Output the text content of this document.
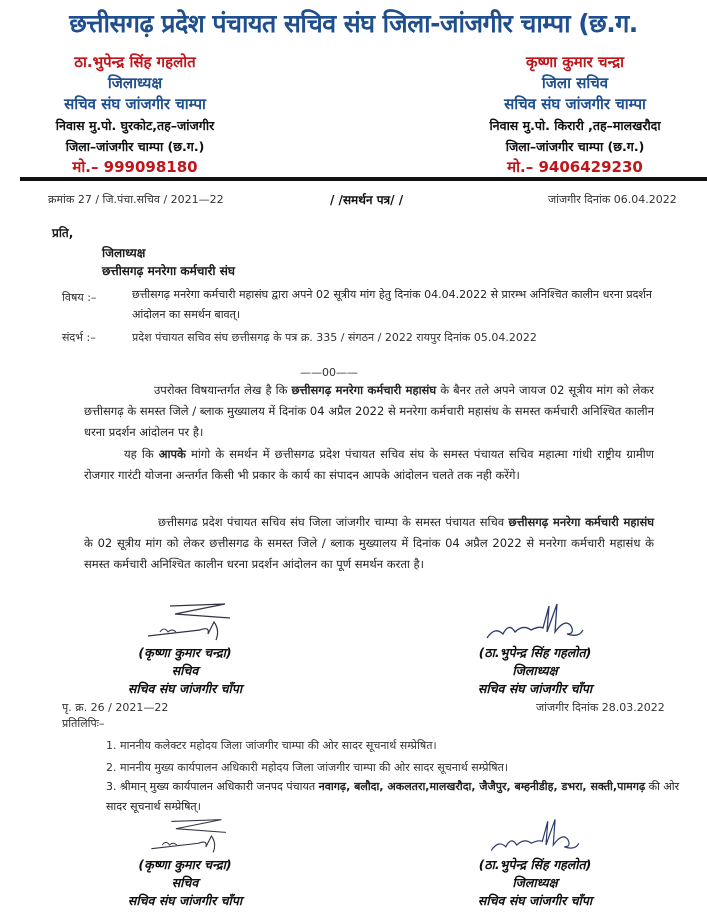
छत्तीसगढ़ प्रदेश पंचायत सचिव संघ जिला-जांजगीर चाम्पा (छ.ग.
ठा.भुपेन्द्र सिंह गहलोत
जिलाध्यक्ष
सचिव संघ जांजगीर चाम्पा
निवास मु.पो. घुरकोट,तह–जांजगीर
जिला–जांजगीर चाम्पा (छ.ग.)
मो.– 999098180
कृष्णा कुमार चन्द्रा
जिला सचिव
सचिव संघ जांजगीर चाम्पा
निवास मु.पो. किरारी ,तह–मालखरौदा
जिला–जांजगीर चाम्पा (छ.ग.)
मो.– 9406429230
क्रमांक 27 / जि.पंचा.सचिव / 2021—22	/ /समर्थन पत्र/ /	जांजगीर दिनांक 06.04.2022
प्रति,
जिलाध्यक्ष
छत्तीसगढ़ मनरेगा कर्मचारी संघ
विषय :–	छत्तीसगढ़ मनरेगा कर्मचारी महासंघ द्वारा अपने 02 सूत्रीय मांग हेतु दिनांक 04.04.2022 से प्रारम्भ अनिश्चित कालीन धरना प्रदर्शन आंदोलन का समर्थन बावत्।
संदर्भ :–	प्रदेश पंचायत सचिव संघ छत्तीसगढ़ के पत्र क्र. 335 / संगठन / 2022 रायपुर दिनांक 05.04.2022
——00——
उपरोक्त विषयान्तर्गत लेख है कि छत्तीसगढ़ मनरेगा कर्मचारी महासंघ के बैनर तले अपने जायज 02 सूत्रीय मांग को लेकर छत्तीसगढ़ के समस्त जिले / ब्लाक मुख्यालय में दिनांक 04 अप्रैल 2022 से मनरेगा कर्मचारी महासंध के समस्त कर्मचारी अनिश्चित कालीन धरना प्रदर्शन आंदोलन पर है।
यह कि आपके मांगो के समर्थन में छत्तीसगढ प्रदेश पंचायत सचिव संघ के समस्त पंचायत सचिव महात्मा गांधी राष्ट्रीय ग्रामीण रोजगार गारंटी योजना अन्तर्गत किसी भी प्रकार के कार्य का संपादन आपके आंदोलन चलते तक नही करेंगे।
छत्तीसगढ प्रदेश पंचायत सचिव संघ जिला जांजगीर चाम्पा के समस्त पंचायत सचिव छत्तीसगढ़ मनरेगा कर्मचारी महासंघ के 02 सूत्रीय मांग को लेकर छत्तीसगढ के समस्त जिले / ब्लाक मुख्यालय में दिनांक 04 अप्रैल 2022 से मनरेगा कर्मचारी महासंध के समस्त कर्मचारी अनिश्चित कालीन धरना प्रदर्शन आंदोलन का पूर्ण समर्थन करता है।
(कृष्णा कुमार चन्द्रा)
सचिव
सचिव संघ जांजगीर चाँपा
(ठा.भुपेन्द्र सिंह गहलोत)
जिलाध्यक्ष
सचिव संघ जांजगीर चाँपा
पृ. क्र. 26 / 2021—22	जांजगीर दिनांक 28.03.2022
प्रतिलिपिः–
1. माननीय कलेक्टर महोदय जिला जांजगीर चाम्पा की ओर सादर सूचनार्थ सम्प्रेषित।
2. माननीय मुख्य कार्यपालन अधिकारी महोदय जिला जांजगीर चाम्पा की ओर सादर सूचनार्थ सम्प्रेषित।
3. श्रीमान् मुख्य कार्यपालन अधिकारी जनपद पंचायत नवागढ़, बलौदा, अकलतरा,मालखरौदा, जैजैपुर, बम्हनीडीह, डभरा, सक्ती,पामगढ़ की ओर सादर सूचनार्थ सम्प्रेषित्।
(कृष्णा कुमार चन्द्रा)
सचिव
सचिव संघ जांजगीर चाँपा
(ठा.भुपेन्द्र सिंह गहलोत)
जिलाध्यक्ष
सचिव संघ जांजगीर चाँपा
